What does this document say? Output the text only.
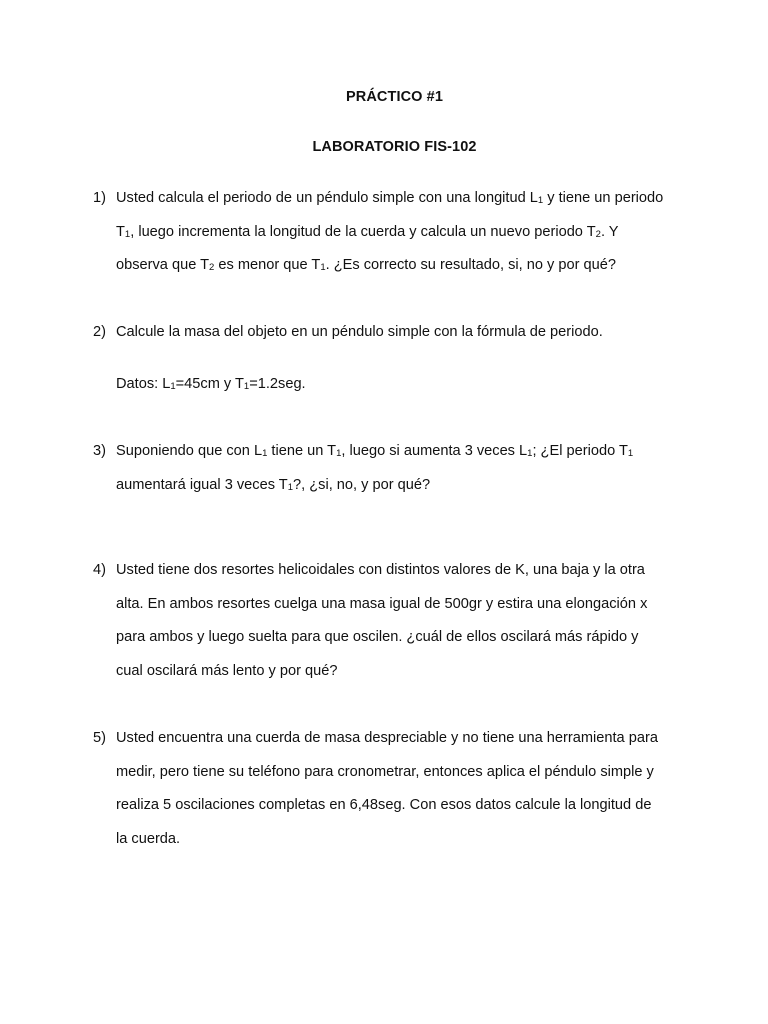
PRÁCTICO #1
LABORATORIO FIS-102
1) Usted calcula el periodo de un péndulo simple con una longitud $L_1$ y tiene un periodo
$T_1$, luego incrementa la longitud de la cuerda y calcula un nuevo periodo $T_2$. Y
observa que $T_2$ es menor que $T_1$. ¿Es correcto su resultado, si, no y por qué?
2) Calcule la masa del objeto en un péndulo simple con la fórmula de periodo.
Datos: $L_1=45cm$ y $T_1=1.2seg$.
3) Suponiendo que con $L_1$ tiene un $T_1$, luego si aumenta 3 veces $L_1$; ¿El periodo $T_1$
aumentará igual 3 veces $T_1$?, ¿si, no, y por qué?
4) Usted tiene dos resortes helicoidales con distintos valores de K, una baja y la otra
alta. En ambos resortes cuelga una masa igual de 500gr y estira una elongación x
para ambos y luego suelta para que oscilen. ¿cuál de ellos oscilará más rápido y
cual oscilará más lento y por qué?
5) Usted encuentra una cuerda de masa despreciable y no tiene una herramienta para
medir, pero tiene su teléfono para cronometrar, entonces aplica el péndulo simple y
realiza 5 oscilaciones completas en 6,48seg. Con esos datos calcule la longitud de
la cuerda.
